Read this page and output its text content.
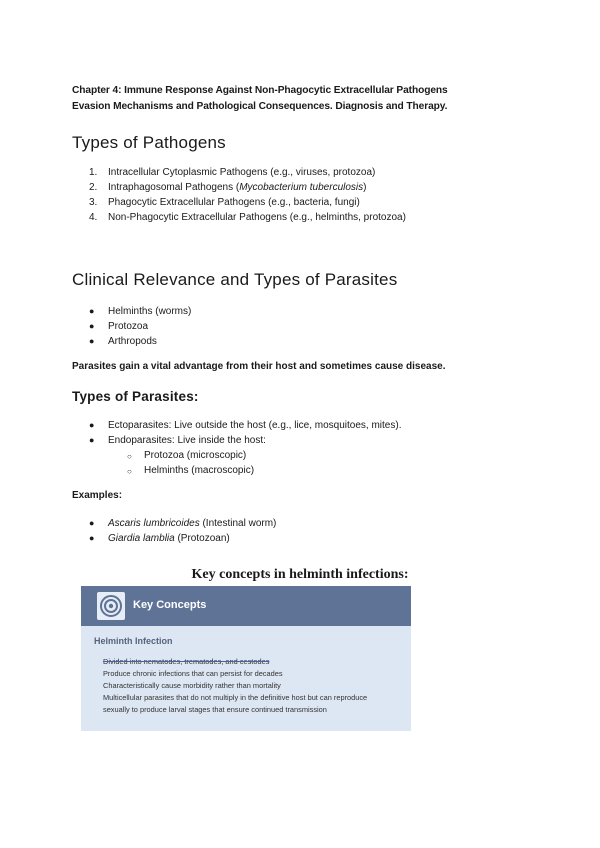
Chapter 4: Immune Response Against Non-Phagocytic Extracellular Pathogens
Evasion Mechanisms and Pathological Consequences. Diagnosis and Therapy.
Types of Pathogens
1. Intracellular Cytoplasmic Pathogens (e.g., viruses, protozoa)
2. Intraphagosomal Pathogens (Mycobacterium tuberculosis)
3. Phagocytic Extracellular Pathogens (e.g., bacteria, fungi)
4. Non-Phagocytic Extracellular Pathogens (e.g., helminths, protozoa)
Clinical Relevance and Types of Parasites
● Helminths (worms)
● Protozoa
● Arthropods
Parasites gain a vital advantage from their host and sometimes cause disease.
Types of Parasites:
● Ectoparasites: Live outside the host (e.g., lice, mosquitoes, mites).
● Endoparasites: Live inside the host:
○ Protozoa (microscopic)
○ Helminths (macroscopic)
Examples:
● Ascaris lumbricoides (Intestinal worm)
● Giardia lamblia (Protozoan)
Key concepts in helminth infections:
Key Concepts
Helminth Infection
Divided into nematodes, trematodes, and cestodes
Produce chronic infections that can persist for decades
Characteristically cause morbidity rather than mortality
Multicellular parasites that do not multiply in the definitive host but can reproduce
sexually to produce larval stages that ensure continued transmission
